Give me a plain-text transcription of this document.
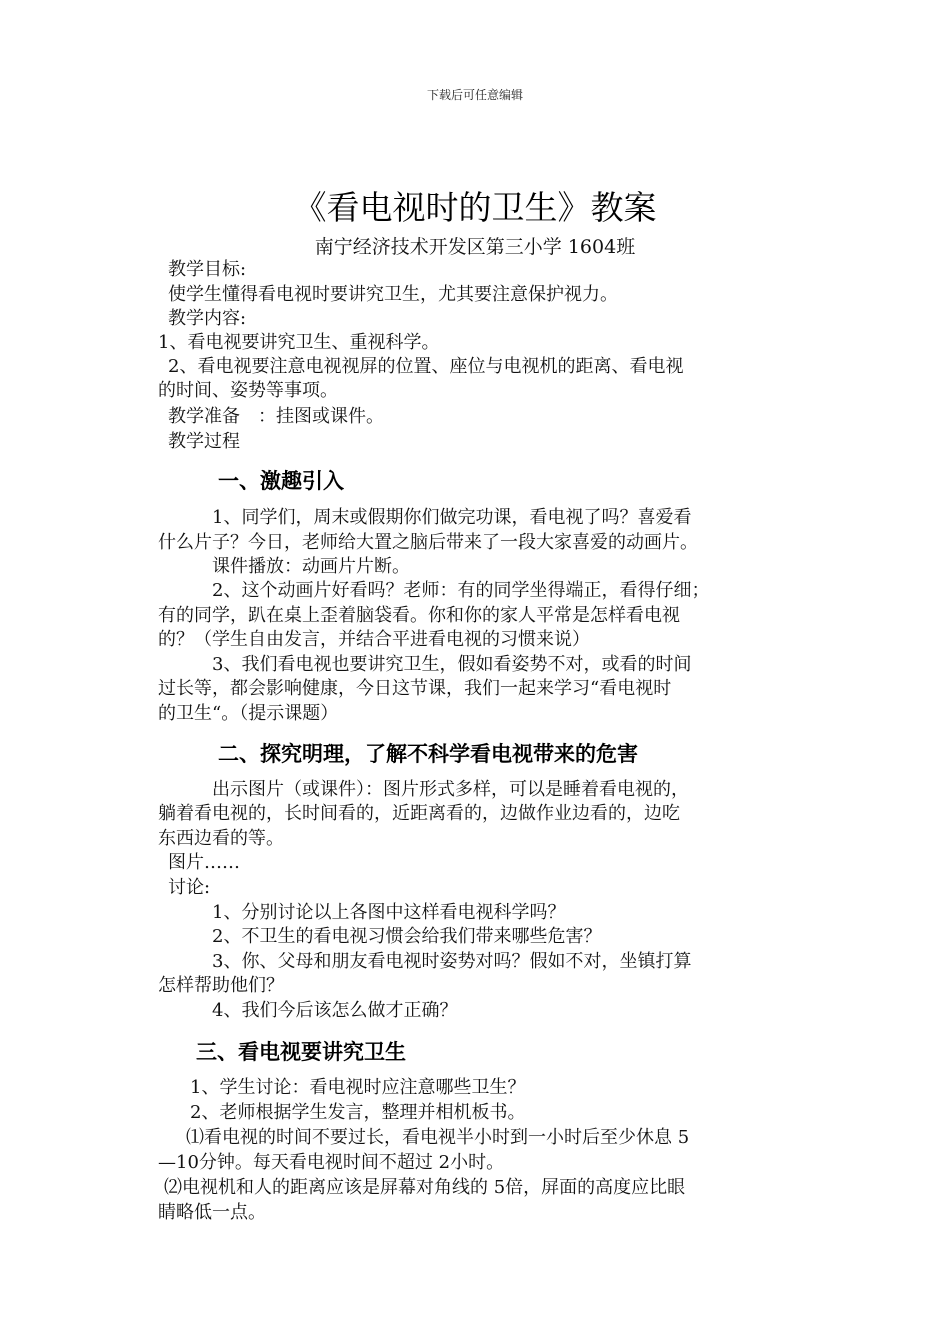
下载后可任意编辑
《看电视时的卫生》教案
南宁经济技术开发区第三小学 1604班
教学目标:
使学生懂得看电视时要讲究卫生，尤其要注意保护视力。
教学内容:
1、看电视要讲究卫生、重视科学。
2、看电视要注意电视视屏的位置、座位与电视机的距离、看电视
的时间、姿势等事项。
教学准备　：挂图或课件。
教学过程
一、激趣引入
1、同学们，周末或假期你们做完功课，看电视了吗？喜爱看
什么片子？今日，老师给大置之脑后带来了一段大家喜爱的动画片。
课件播放：动画片片断。
2、这个动画片好看吗？老师：有的同学坐得端正，看得仔细；
有的同学，趴在桌上歪着脑袋看。你和你的家人平常是怎样看电视
的？（学生自由发言，并结合平进看电视的习惯来说）
3、我们看电视也要讲究卫生，假如看姿势不对，或看的时间
过长等，都会影响健康，今日这节课，我们一起来学习“看电视时
的卫生“。（提示课题）
二、探究明理，了解不科学看电视带来的危害
出示图片（或课件）：图片形式多样，可以是睡着看电视的，
躺着看电视的，长时间看的，近距离看的，边做作业边看的，边吃
东西边看的等。
图片……
讨论:
1、分别讨论以上各图中这样看电视科学吗？
2、不卫生的看电视习惯会给我们带来哪些危害？
3、你、父母和朋友看电视时姿势对吗？假如不对，坐镇打算
怎样帮助他们？
4、我们今后该怎么做才正确？
三、看电视要讲究卫生
1、学生讨论：看电视时应注意哪些卫生？
2、老师根据学生发言，整理并相机板书。
⑴看电视的时间不要过长，看电视半小时到一小时后至少休息 5
—10分钟。每天看电视时间不超过 2小时。
⑵电视机和人的距离应该是屏幕对角线的 5倍，屏面的高度应比眼
睛略低一点。
